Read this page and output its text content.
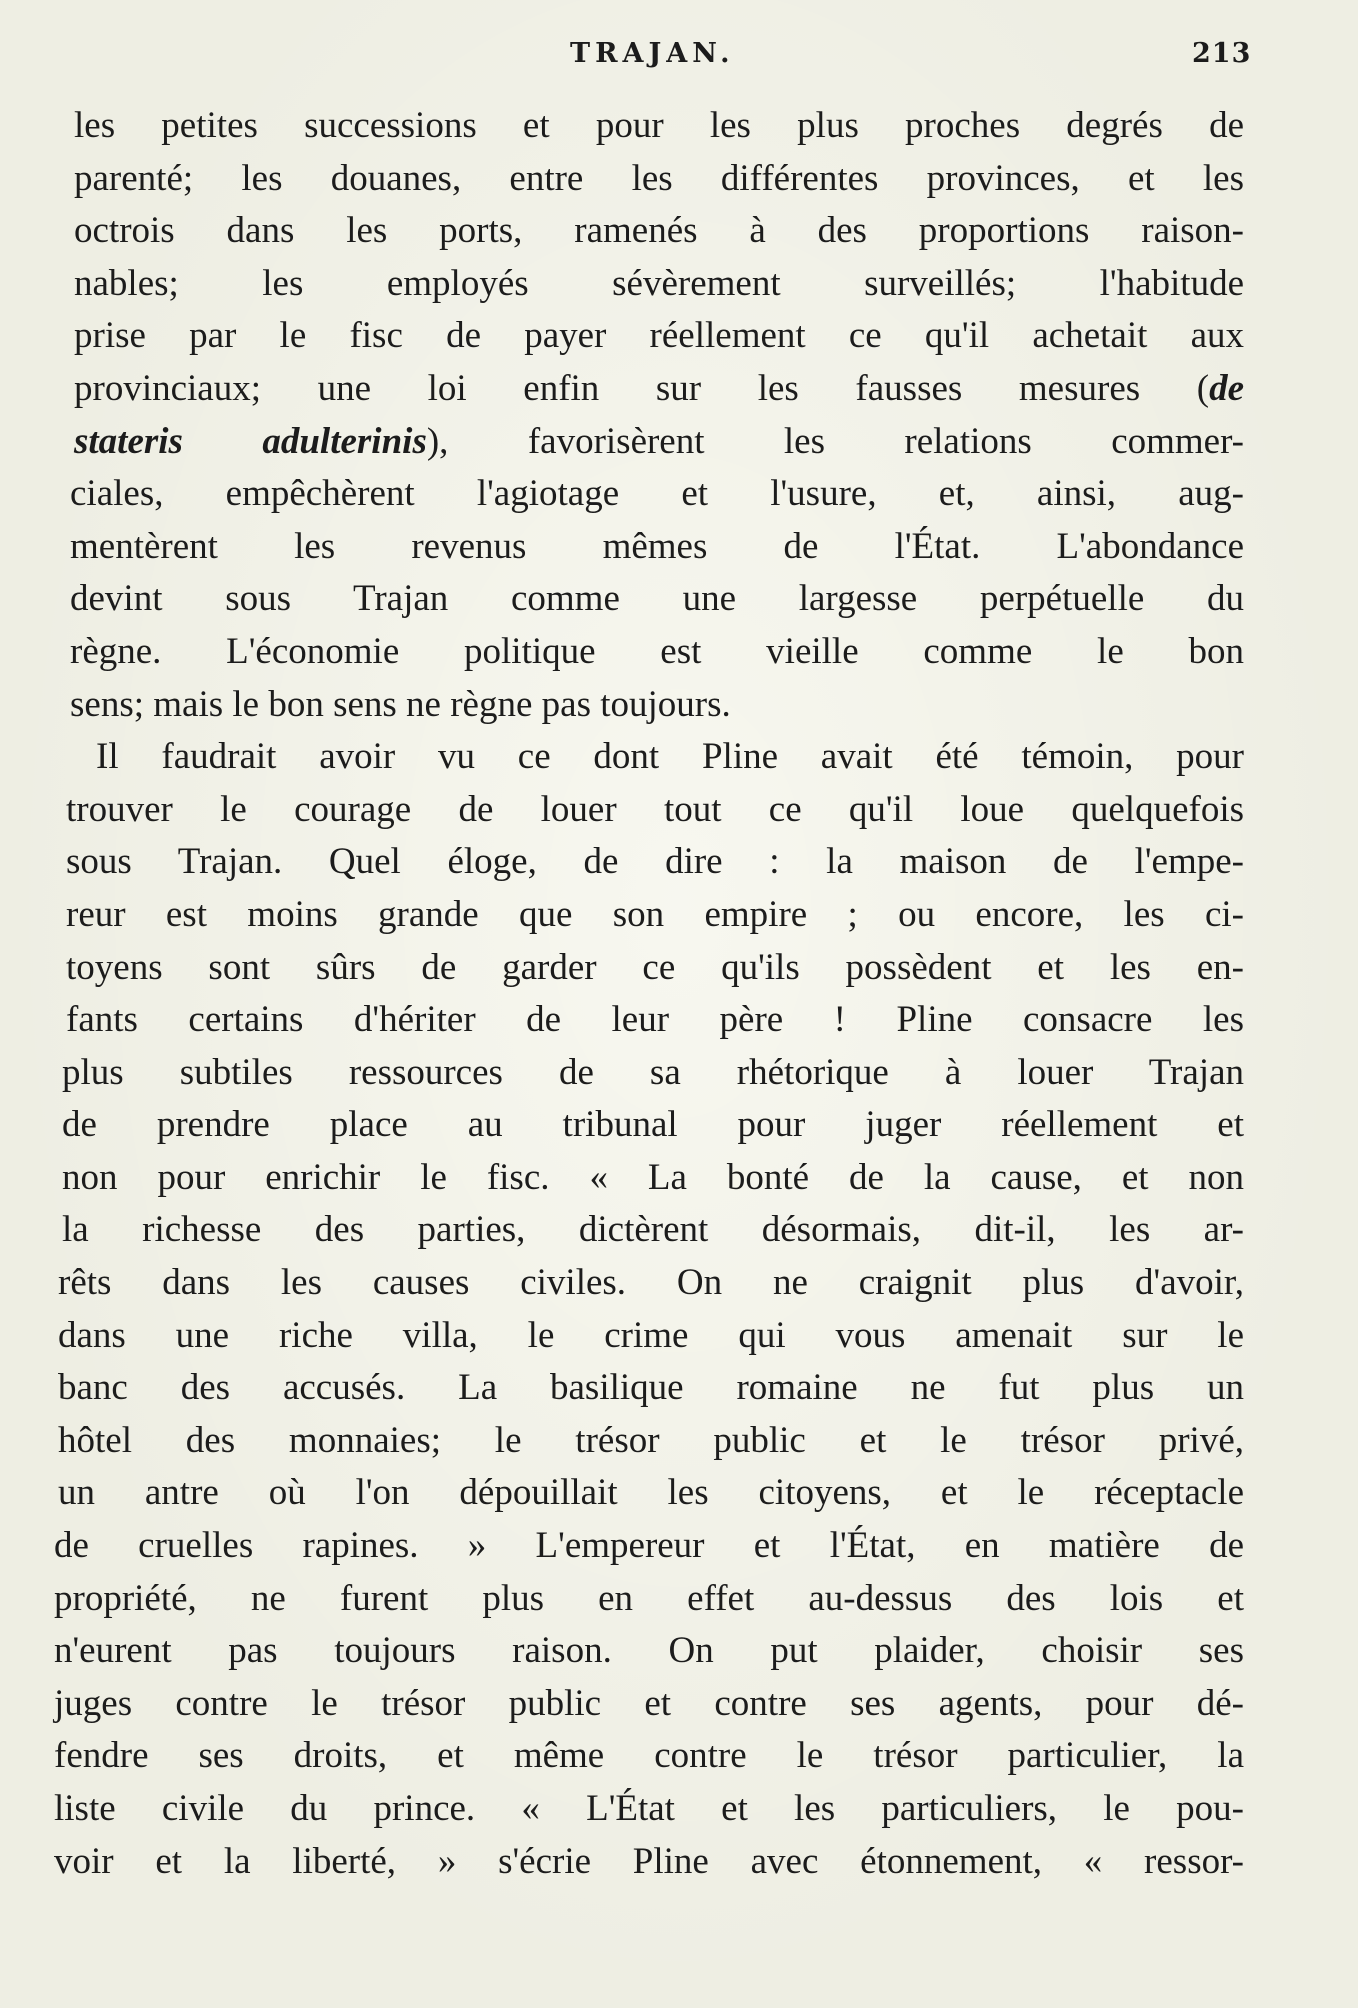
TRAJAN.	213
les petites successions et pour les plus proches degrés de
parenté; les douanes, entre les différentes provinces, et les
octrois dans les ports, ramenés à des proportions raison-
nables; les employés sévèrement surveillés; l'habitude
prise par le fisc de payer réellement ce qu'il achetait aux
provinciaux; une loi enfin sur les fausses mesures (de
stateris adulterinis), favorisèrent les relations commer-
ciales, empêchèrent l'agiotage et l'usure, et, ainsi, aug-
mentèrent les revenus mêmes de l'État. L'abondance
devint sous Trajan comme une largesse perpétuelle du
règne. L'économie politique est vieille comme le bon
sens; mais le bon sens ne règne pas toujours.
Il faudrait avoir vu ce dont Pline avait été témoin, pour
trouver le courage de louer tout ce qu'il loue quelquefois
sous Trajan. Quel éloge, de dire : la maison de l'empe-
reur est moins grande que son empire ; ou encore, les ci-
toyens sont sûrs de garder ce qu'ils possèdent et les en-
fants certains d'hériter de leur père ! Pline consacre les
plus subtiles ressources de sa rhétorique à louer Trajan
de prendre place au tribunal pour juger réellement et
non pour enrichir le fisc. « La bonté de la cause, et non
la richesse des parties, dictèrent désormais, dit-il, les ar-
rêts dans les causes civiles. On ne craignit plus d'avoir,
dans une riche villa, le crime qui vous amenait sur le
banc des accusés. La basilique romaine ne fut plus un
hôtel des monnaies; le trésor public et le trésor privé,
un antre où l'on dépouillait les citoyens, et le réceptacle
de cruelles rapines. » L'empereur et l'État, en matière de
propriété, ne furent plus en effet au-dessus des lois et
n'eurent pas toujours raison. On put plaider, choisir ses
juges contre le trésor public et contre ses agents, pour dé-
fendre ses droits, et même contre le trésor particulier, la
liste civile du prince. « L'État et les particuliers, le pou-
voir et la liberté, » s'écrie Pline avec étonnement, « ressor-
